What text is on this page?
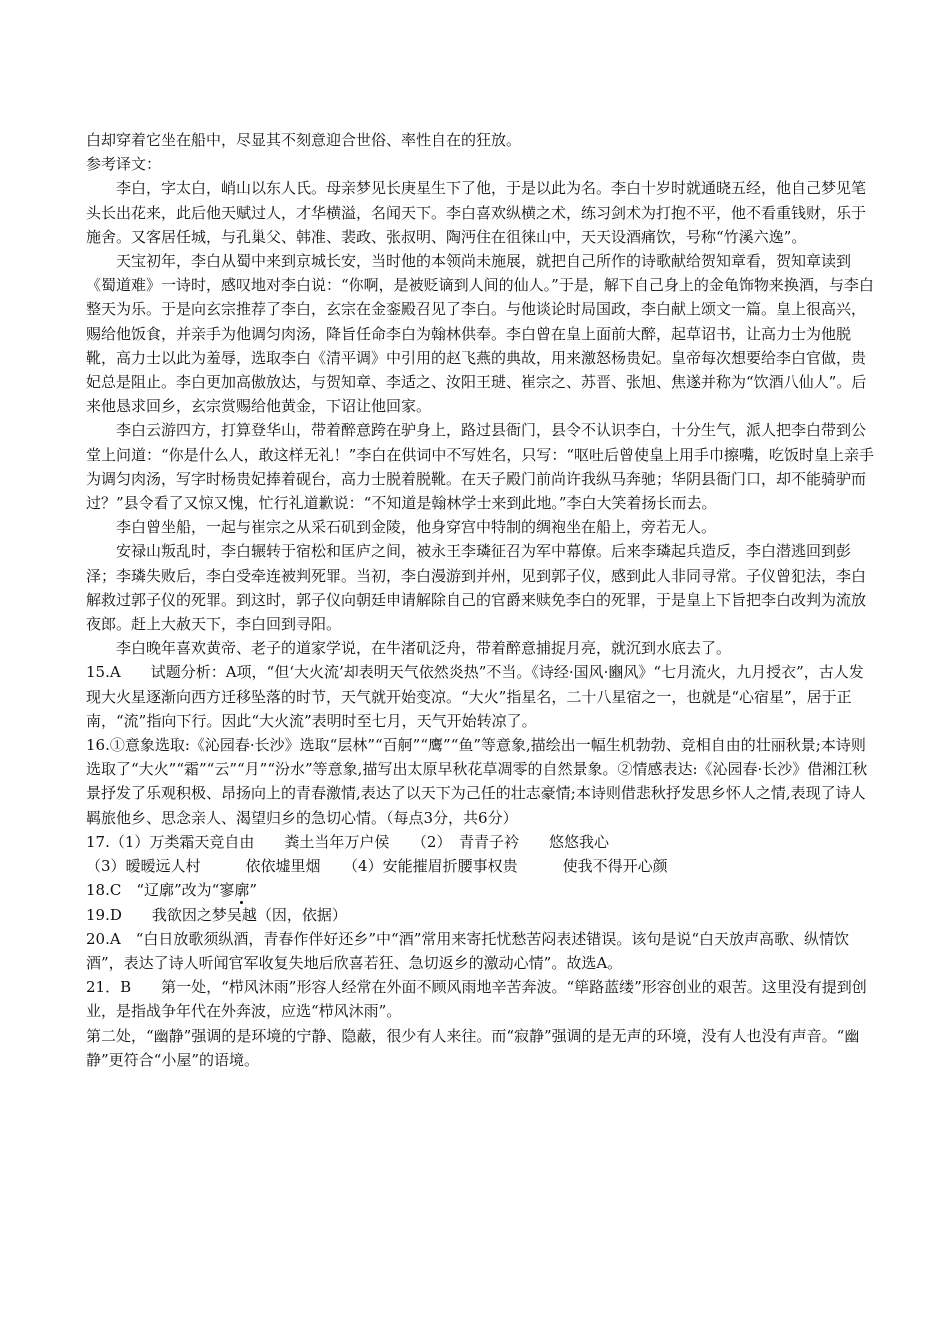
白却穿着它坐在船中，尽显其不刻意迎合世俗、率性自在的狂放。

参考译文：

李白，字太白，峭山以东人氏。母亲梦见长庚星生下了他，于是以此为名。李白十岁时就通晓五经，他自己梦见笔头长出花来，此后他天赋过人，才华横溢，名闻天下。李白喜欢纵横之术，练习剑术为打抱不平，他不看重钱财，乐于施舍。又客居任城，与孔巢父、韩准、裴政、张叔明、陶沔住在徂徕山中，天天设酒痛饮，号称“竹溪六逸”。

天宝初年，李白从蜀中来到京城长安，当时他的本领尚未施展，就把自己所作的诗歌献给贺知章看，贺知章读到《蜀道难》一诗时，感叹地对李白说：“你啊，是被贬谪到人间的仙人。”于是，解下自己身上的金龟饰物来换酒，与李白整天为乐。于是向玄宗推荐了李白，玄宗在金銮殿召见了李白。与他谈论时局国政，李白献上颂文一篇。皇上很高兴，赐给他饭食，并亲手为他调匀肉汤，降旨任命李白为翰林供奉。李白曾在皇上面前大醉，起草诏书，让高力士为他脱靴，高力士以此为羞辱，选取李白《清平调》中引用的赵飞燕的典故，用来激怒杨贵妃。皇帝每次想要给李白官做，贵妃总是阻止。李白更加高傲放达，与贺知章、李适之、汝阳王琎、崔宗之、苏晋、张旭、焦遂并称为“饮酒八仙人”。后来他恳求回乡，玄宗赏赐给他黄金，下诏让他回家。

李白云游四方，打算登华山，带着醉意跨在驴身上，路过县衙门，县令不认识李白，十分生气，派人把李白带到公堂上问道：“你是什么人，敢这样无礼！”李白在供词中不写姓名，只写：“呕吐后曾使皇上用手巾擦嘴，吃饭时皇上亲手为调匀肉汤，写字时杨贵妃捧着砚台，高力士脱着脱靴。在天子殿门前尚许我纵马奔驰；华阴县衙门口，却不能骑驴而过？”县令看了又惊又愧，忙行礼道歉说：“不知道是翰林学士来到此地。”李白大笑着扬长而去。

李白曾坐船，一起与崔宗之从采石矶到金陵，他身穿宫中特制的绸袍坐在船上，旁若无人。

安禄山叛乱时，李白辗转于宿松和匡庐之间，被永王李璘征召为军中幕僚。后来李璘起兵造反，李白潜逃回到彭泽；李璘失败后，李白受牵连被判死罪。当初，李白漫游到并州，见到郭子仪，感到此人非同寻常。子仪曾犯法，李白解救过郭子仪的死罪。到这时，郭子仪向朝廷申请解除自己的官爵来赎免李白的死罪，于是皇上下旨把李白改判为流放夜郎。赶上大赦天下，李白回到寻阳。

李白晚年喜欢黄帝、老子的道家学说，在牛渚矶泛舟，带着醉意捕捉月亮，就沉到水底去了。

15.A　　试题分析：A项，“但‘大火流’却表明天气依然炎热”不当。《诗经·国风·豳风》“七月流火，九月授衣”，古人发现大火星逐渐向西方迁移坠落的时节，天气就开始变凉。“大火”指星名，二十八星宿之一，也就是“心宿星”，居于正南，“流”指向下行。因此“大火流”表明时至七月，天气开始转凉了。

16.①意象选取:《沁园春·长沙》选取“层林”“百舸”“鹰”“鱼”等意象,描绘出一幅生机勃勃、竞相自由的壮丽秋景;本诗则选取了“大火”“霜”“云”“月”“汾水”等意象,描写出太原早秋花草凋零的自然景象。②情感表达:《沁园春·长沙》借湘江秋景抒发了乐观积极、昂扬向上的青春激情,表达了以天下为己任的壮志豪情;本诗则借悲秋抒发思乡怀人之情,表现了诗人羁旅他乡、思念亲人、渴望归乡的急切心情。（每点3分，共6分）

17.（1）万类霜天竞自由　　粪土当年万户侯　　（2）　青青子衿　　悠悠我心

（3）暧暧远人村　　　依依墟里烟　　（4）安能摧眉折腰事权贵　　　使我不得开心颜

18.C　“辽廓”改为“寥廓”

19.D　　我欲因之梦吴越（因，依据）

20.A　“白日放歌须纵酒，青春作伴好还乡”中“酒”常用来寄托忧愁苦闷表述错误。该句是说“白天放声高歌、纵情饮酒”，表达了诗人听闻官军收复失地后欣喜若狂、急切返乡的激动心情”。故选A。

21．B　　第一处，“栉风沐雨”形容人经常在外面不顾风雨地辛苦奔波。“筚路蓝缕”形容创业的艰苦。这里没有提到创业，是指战争年代在外奔波，应选“栉风沐雨”。

第二处，“幽静”强调的是环境的宁静、隐蔽，很少有人来往。而“寂静”强调的是无声的环境，没有人也没有声音。“幽静”更符合“小屋”的语境。
